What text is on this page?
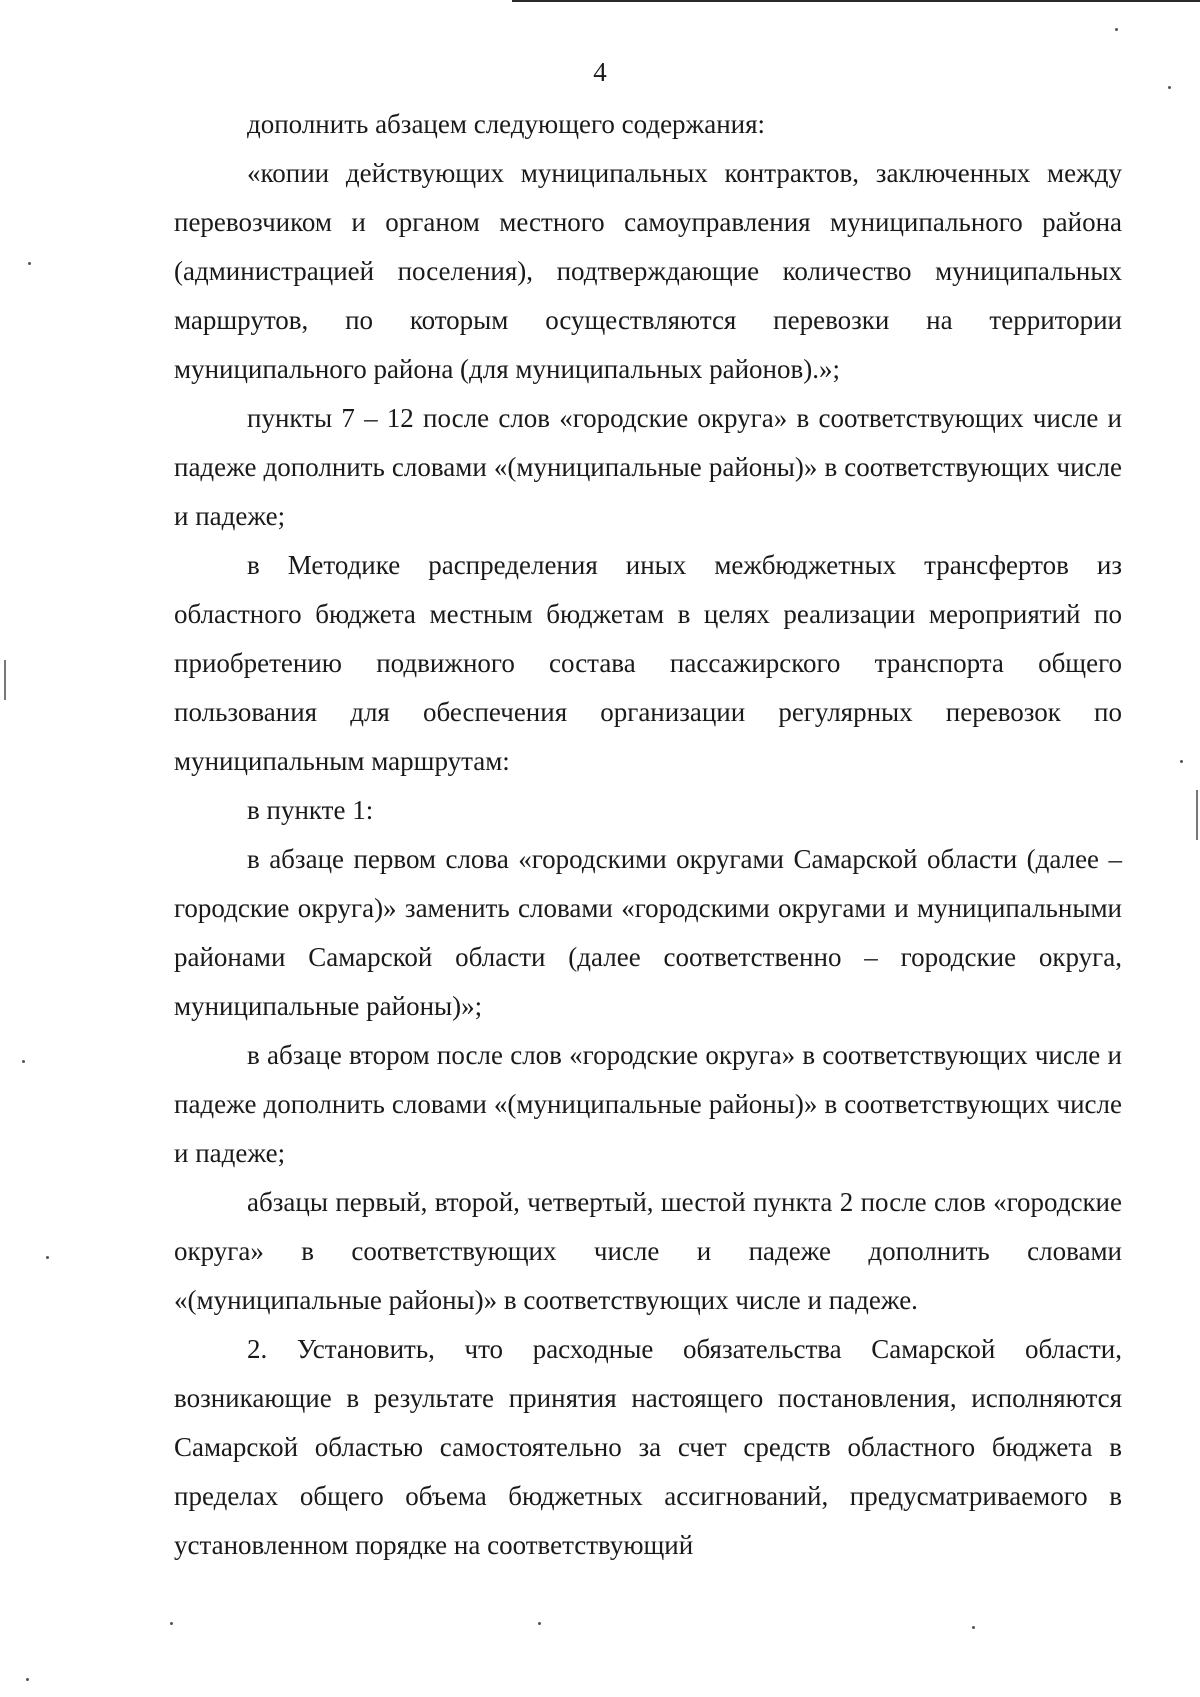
4

дополнить абзацем следующего содержания:

«копии действующих муниципальных контрактов, заключенных между перевозчиком и органом местного самоуправления муниципального района (администрацией поселения), подтверждающие количество муниципальных маршрутов, по которым осуществляются перевозки на территории муниципального района (для муниципальных районов).»;

пункты 7 – 12 после слов «городские округа» в соответствующих числе и падеже дополнить словами «(муниципальные районы)» в соответствующих числе и падеже;

в Методике распределения иных межбюджетных трансфертов из областного бюджета местным бюджетам в целях реализации мероприятий по приобретению подвижного состава пассажирского транспорта общего пользования для обеспечения организации регулярных перевозок по муниципальным маршрутам:

в пункте 1:

в абзаце первом слова «городскими округами Самарской области (далее – городские округа)» заменить словами «городскими округами и муниципальными районами Самарской области (далее соответственно – городские округа, муниципальные районы)»;

в абзаце втором после слов «городские округа» в соответствующих числе и падеже дополнить словами «(муниципальные районы)» в соответствующих числе и падеже;

абзацы первый, второй, четвертый, шестой пункта 2 после слов «городские округа» в соответствующих числе и падеже дополнить словами «(муниципальные районы)» в соответствующих числе и падеже.

2. Установить, что расходные обязательства Самарской области, возникающие в результате принятия настоящего постановления, исполняются Самарской областью самостоятельно за счет средств областного бюджета в пределах общего объема бюджетных ассигнований, предусматриваемого в установленном порядке на соответствующий
